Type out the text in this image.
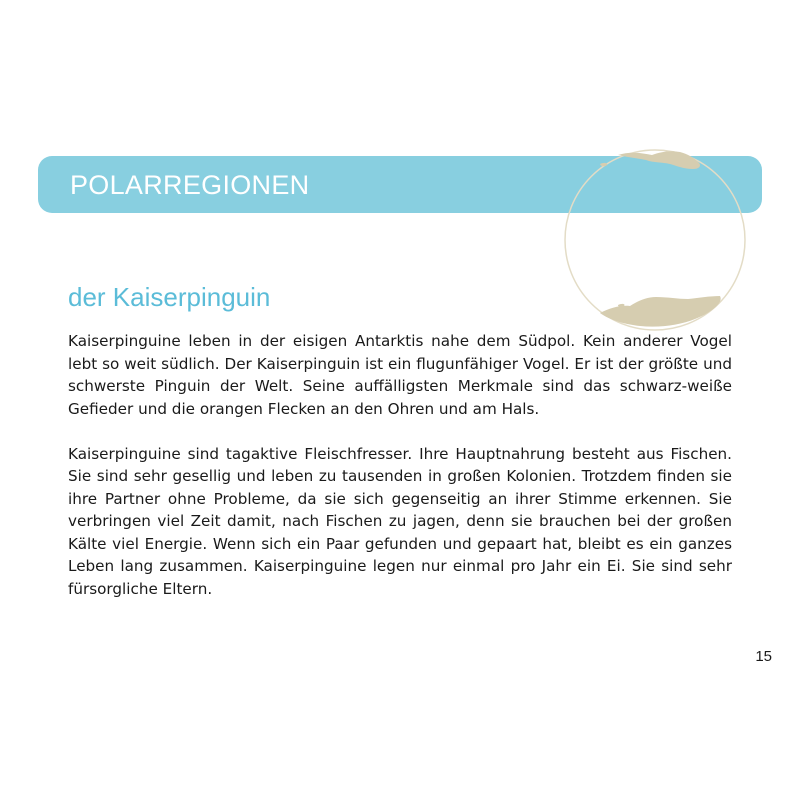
POLARREGIONEN
der Kaiserpinguin

Kaiserpinguine leben in der eisigen Antarktis nahe dem Südpol. Kein anderer Vogel lebt so weit südlich. Der Kaiserpinguin ist ein flugunfähiger Vogel. Er ist der größte und schwerste Pinguin der Welt. Seine auffälligsten Merkmale sind das schwarz-weiße Gefieder und die orangen Flecken an den Ohren und am Hals.

Kaiserpinguine sind tagaktive Fleischfresser. Ihre Hauptnahrung besteht aus Fischen. Sie sind sehr gesellig und leben zu tausenden in großen Kolonien. Trotzdem finden sie ihre Partner ohne Probleme, da sie sich gegenseitig an ihrer Stimme erkennen. Sie verbringen viel Zeit damit, nach Fischen zu jagen, denn sie brauchen bei der großen Kälte viel Energie. Wenn sich ein Paar gefunden und gepaart hat, bleibt es ein ganzes Leben lang zusammen. Kaiserpinguine legen nur einmal pro Jahr ein Ei. Sie sind sehr fürsorgliche Eltern.

15
